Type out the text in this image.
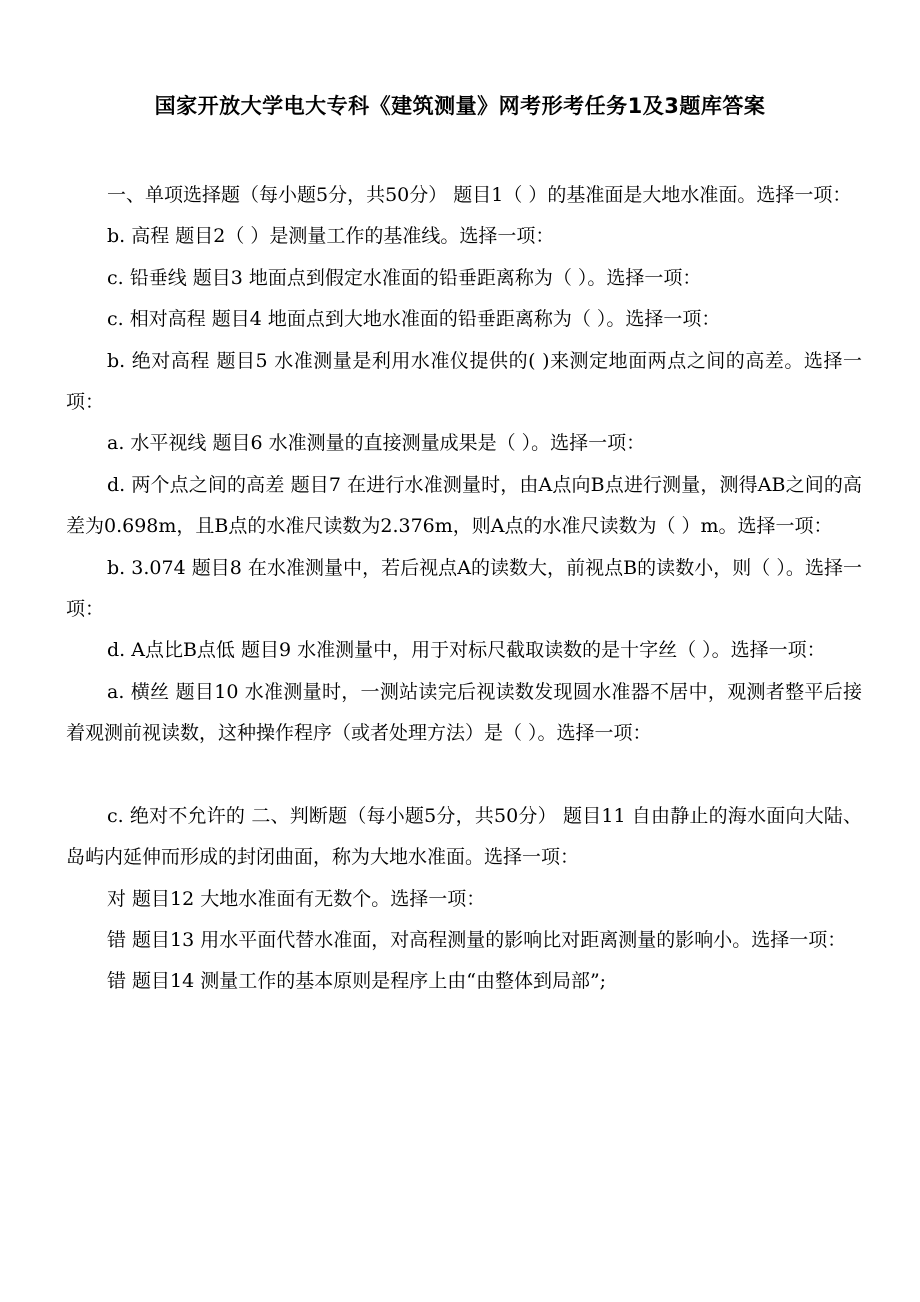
国家开放大学电大专科《建筑测量》网考形考任务1及3题库答案

一、单项选择题（每小题5分，共50分） 题目1（ ）的基准面是大地水准面。选择一项：

b. 高程 题目2（ ）是测量工作的基准线。选择一项：

c. 铅垂线 题目3 地面点到假定水准面的铅垂距离称为（ ）。选择一项：

c. 相对高程 题目4 地面点到大地水准面的铅垂距离称为（ ）。选择一项：

b. 绝对高程 题目5 水准测量是利用水准仪提供的( )来测定地面两点之间的高差。选择一项：

a. 水平视线 题目6 水准测量的直接测量成果是（ ）。选择一项：

d. 两个点之间的高差 题目7 在进行水准测量时，由A点向B点进行测量，测得AB之间的高差为0.698m，且B点的水准尺读数为2.376m，则A点的水准尺读数为（ ）m。选择一项：

b. 3.074 题目8 在水准测量中，若后视点A的读数大，前视点B的读数小，则（ ）。选择一项：

d. A点比B点低 题目9 水准测量中，用于对标尺截取读数的是十字丝（ ）。选择一项：

a. 横丝 题目10 水准测量时，一测站读完后视读数发现圆水准器不居中，观测者整平后接着观测前视读数，这种操作程序（或者处理方法）是（ ）。选择一项：

c. 绝对不允许的 二、判断题（每小题5分，共50分） 题目11 自由静止的海水面向大陆、岛屿内延伸而形成的封闭曲面，称为大地水准面。选择一项：

对 题目12 大地水准面有无数个。选择一项：

错 题目13 用水平面代替水准面，对高程测量的影响比对距离测量的影响小。选择一项：

错 题目14 测量工作的基本原则是程序上由“由整体到局部”;
